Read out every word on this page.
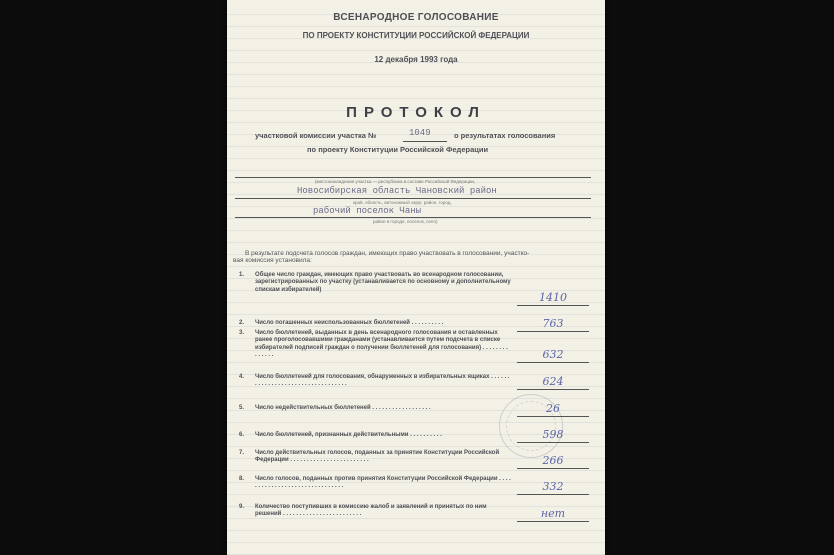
ВСЕНАРОДНОЕ ГОЛОСОВАНИЕ
ПО ПРОЕКТУ КОНСТИТУЦИИ РОССИЙСКОЙ ФЕДЕРАЦИИ
12 декабря 1993 года
ПРОТОКОЛ
участковой комиссии участка №	1049	о результатах голосования
по проекту Конституции Российской Федерации
(местонахождение участка — республика в составе Российской Федерации,
Новосибирская область Чановский район
край, область, автономный округ, район, город,
рабочий поселок Чаны
район в городе, поселок, село)
В результате подсчета голосов граждан, имеющих право участвовать в голосовании, участко-
вая комиссия установила:
1. Общее число граждан, имеющих право участвовать во всенародном голосовании, зарегистрированных по участку (устанавливается по основному и дополнительному спискам избирателей)
1410
2. Число погашенных неиспользованных бюллетеней . . . . . . . . . .	763
3. Число бюллетеней, выданных в день всенародного голосования и оставленных ранее проголосовавшими гражданами (устанавливается путем подсчета в списке избирателей подписей граждан о получении бюллетеней для голосования) . . . . . . . . . . . . . .	632
4. Число бюллетеней для голосования, обнаруженных в избирательных ящиках . . . . . . . . . . . . . . . . . . . . . . . . . . . . . . . . . .	624
5. Число недействительных бюллетеней . . . . . . . . . . . . . . . . . .	26
6. Число бюллетеней, признанных действительными . . . . . . . . . .	598
7. Число действительных голосов, поданных за принятие Конституции Российской Федерации . . . . . . . . . . . . . . . . . . . . . . . .	266
8. Число голосов, поданных против принятия Конституции Российской Федерации . . . . . . . . . . . . . . . . . . . . . . . . . . . . . . .	332
9. Количество поступивших в комиссию жалоб и заявлений и принятых по ним решений . . . . . . . . . . . . . . . . . . . . . . . .	нет
